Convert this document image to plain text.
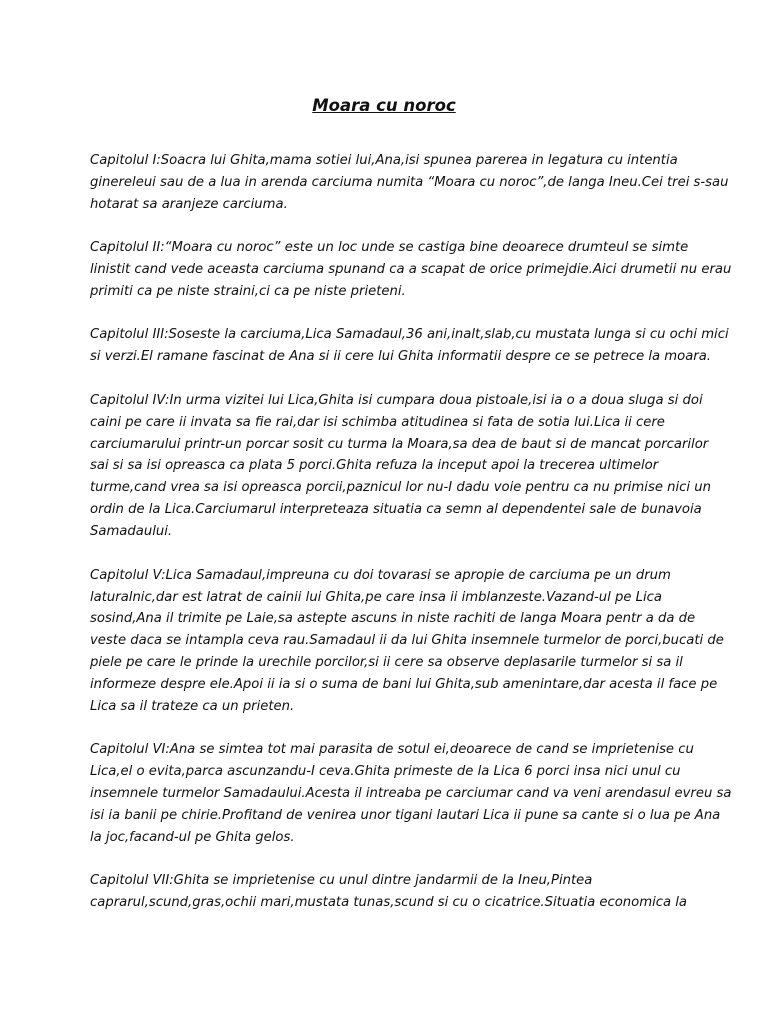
Moara cu noroc

Capitolul I:Soacra lui Ghita,mama sotiei lui,Ana,isi spunea parerea in legatura cu intentia
ginereleui sau de a lua in arenda carciuma numita “Moara cu noroc”,de langa Ineu.Cei trei s-sau
hotarat sa aranjeze carciuma.

Capitolul II:“Moara cu noroc” este un loc unde se castiga bine deoarece drumteul se simte
linistit cand vede aceasta carciuma spunand ca a scapat de orice primejdie.Aici drumetii nu erau
primiti ca pe niste straini,ci ca pe niste prieteni.

Capitolul III:Soseste la carciuma,Lica Samadaul,36 ani,inalt,slab,cu mustata lunga si cu ochi mici
si verzi.El ramane fascinat de Ana si ii cere lui Ghita informatii despre ce se petrece la moara.

Capitolul IV:In urma vizitei lui Lica,Ghita isi cumpara doua pistoale,isi ia o a doua sluga si doi
caini pe care ii invata sa fie rai,dar isi schimba atitudinea si fata de sotia lui.Lica ii cere
carciumarului printr-un porcar sosit cu turma la Moara,sa dea de baut si de mancat porcarilor
sai si sa isi opreasca ca plata 5 porci.Ghita refuza la inceput apoi la trecerea ultimelor
turme,cand vrea sa isi opreasca porcii,paznicul lor nu-I dadu voie pentru ca nu primise nici un
ordin de la Lica.Carciumarul interpreteaza situatia ca semn al dependentei sale de bunavoia
Samadaului.

Capitolul V:Lica Samadaul,impreuna cu doi tovarasi se apropie de carciuma pe un drum
laturalnic,dar est latrat de cainii lui Ghita,pe care insa ii imblanzeste.Vazand-ul pe Lica
sosind,Ana il trimite pe Laie,sa astepte ascuns in niste rachiti de langa Moara pentr a da de
veste daca se intampla ceva rau.Samadaul ii da lui Ghita insemnele turmelor de porci,bucati de
piele pe care le prinde la urechile porcilor,si ii cere sa observe deplasarile turmelor si sa il
informeze despre ele.Apoi ii ia si o suma de bani lui Ghita,sub amenintare,dar acesta il face pe
Lica sa il trateze ca un prieten.

Capitolul VI:Ana se simtea tot mai parasita de sotul ei,deoarece de cand se imprietenise cu
Lica,el o evita,parca ascunzandu-I ceva.Ghita primeste de la Lica 6 porci insa nici unul cu
insemnele turmelor Samadaului.Acesta il intreaba pe carciumar cand va veni arendasul evreu sa
isi ia banii pe chirie.Profitand de venirea unor tigani lautari Lica ii pune sa cante si o lua pe Ana
la joc,facand-ul pe Ghita gelos.

Capitolul VII:Ghita se imprietenise cu unul dintre jandarmii de la Ineu,Pintea
caprarul,scund,gras,ochii mari,mustata tunas,scund si cu o cicatrice.Situatia economica la
